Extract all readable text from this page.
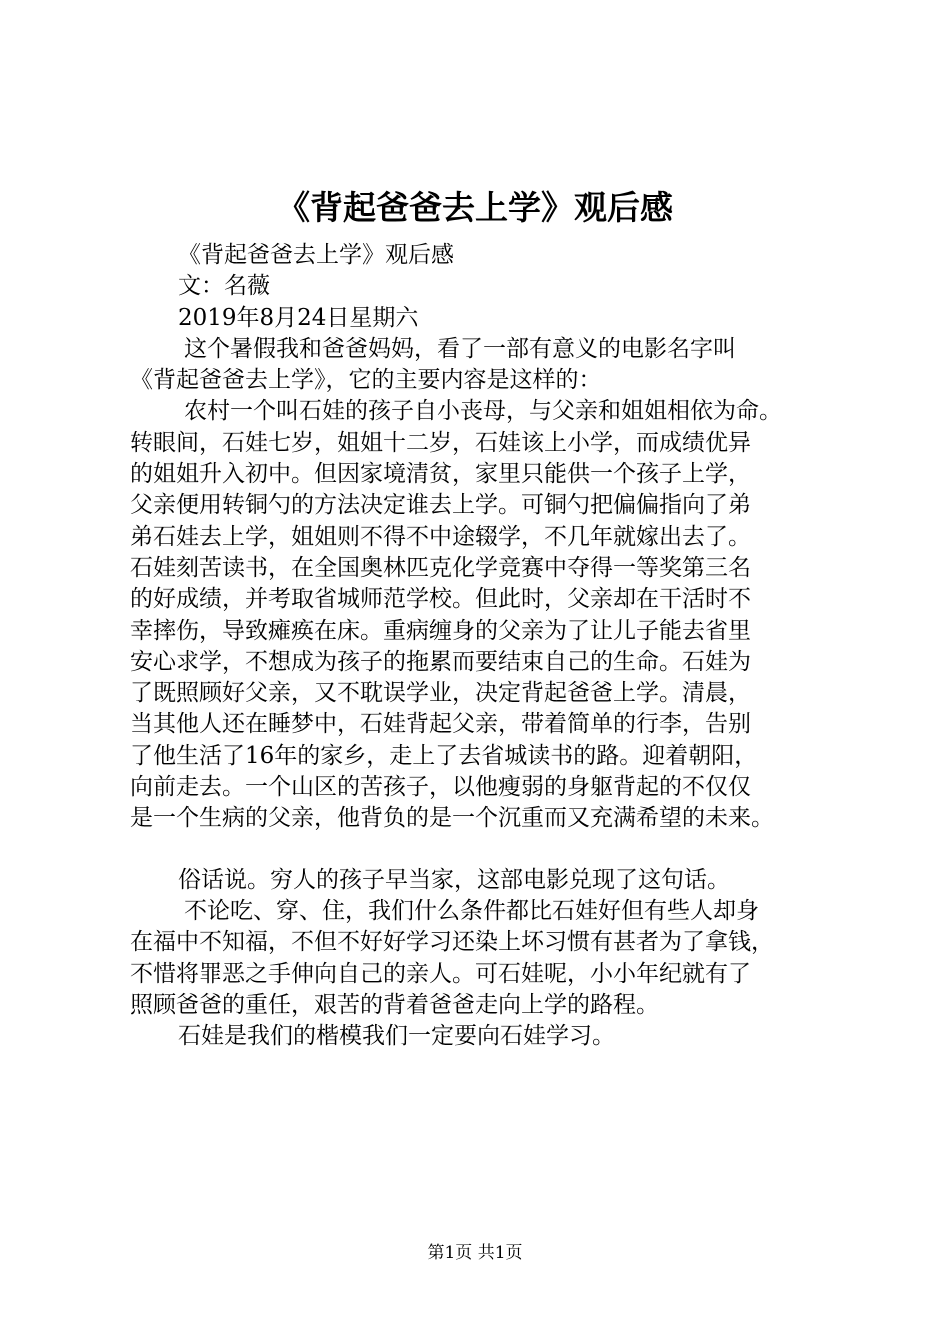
《背起爸爸去上学》观后感
《背起爸爸去上学》观后感
文：名薇
2019年8月24日星期六
这个暑假我和爸爸妈妈，看了一部有意义的电影名字叫
《背起爸爸去上学》，它的主要内容是这样的：
农村一个叫石娃的孩子自小丧母，与父亲和姐姐相依为命。
转眼间，石娃七岁，姐姐十二岁，石娃该上小学，而成绩优异
的姐姐升入初中。但因家境清贫，家里只能供一个孩子上学，
父亲便用转铜勺的方法决定谁去上学。可铜勺把偏偏指向了弟
弟石娃去上学，姐姐则不得不中途辍学，不几年就嫁出去了。
石娃刻苦读书，在全国奥林匹克化学竞赛中夺得一等奖第三名
的好成绩，并考取省城师范学校。但此时，父亲却在干活时不
幸摔伤，导致瘫痪在床。重病缠身的父亲为了让儿子能去省里
安心求学，不想成为孩子的拖累而要结束自己的生命。石娃为
了既照顾好父亲，又不耽误学业，决定背起爸爸上学。清晨，
当其他人还在睡梦中，石娃背起父亲，带着简单的行李，告别
了他生活了16年的家乡，走上了去省城读书的路。迎着朝阳，
向前走去。一个山区的苦孩子，以他瘦弱的身躯背起的不仅仅
是一个生病的父亲，他背负的是一个沉重而又充满希望的未来。
俗话说。穷人的孩子早当家，这部电影兑现了这句话。
不论吃、穿、住，我们什么条件都比石娃好但有些人却身
在福中不知福，不但不好好学习还染上坏习惯有甚者为了拿钱，
不惜将罪恶之手伸向自己的亲人。可石娃呢，小小年纪就有了
照顾爸爸的重任，艰苦的背着爸爸走向上学的路程。
石娃是我们的楷模我们一定要向石娃学习。
第1页 共1页
